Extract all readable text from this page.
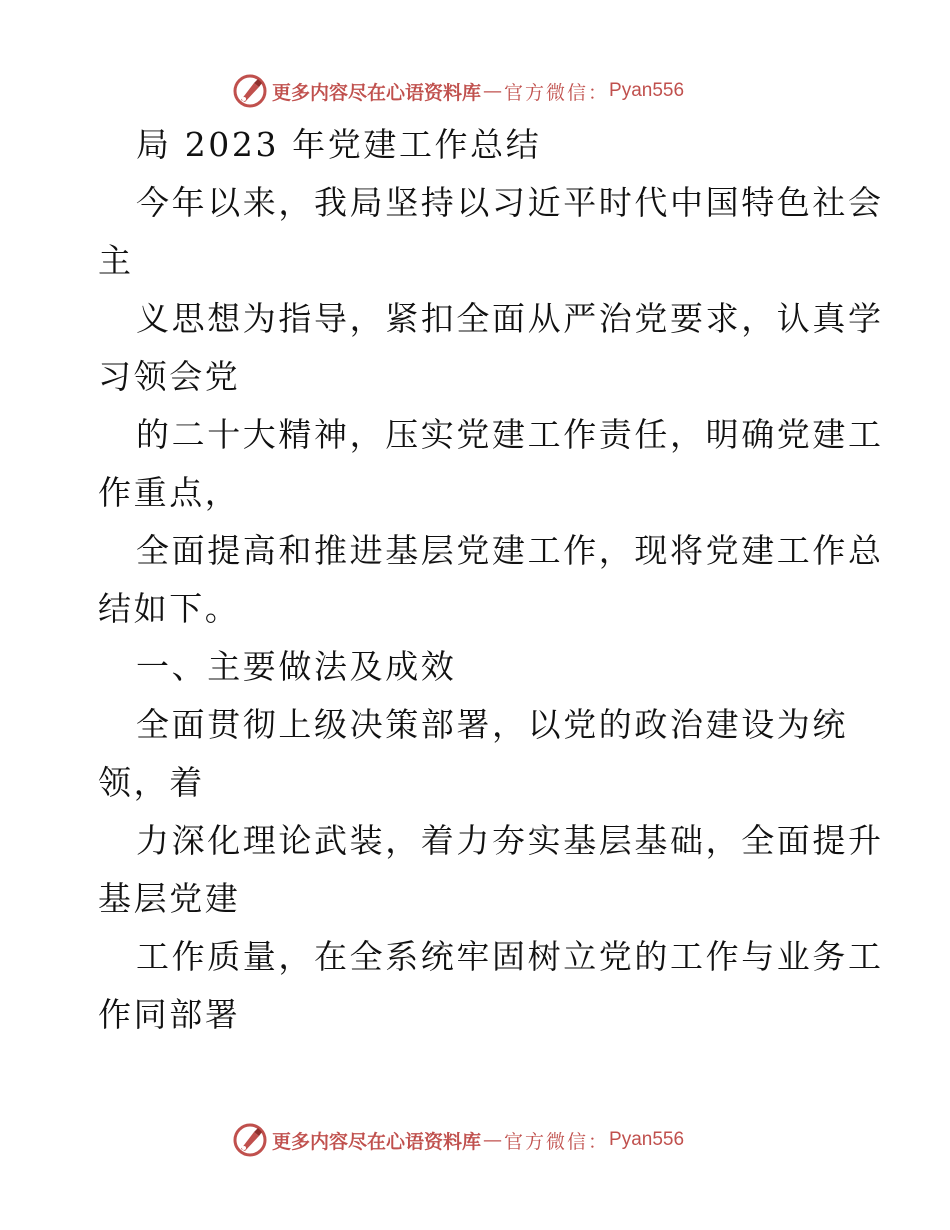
更多内容尽在心语资料库 — 官方微信： Pyan556
局 2023 年党建工作总结
今年以来，我局坚持以习近平时代中国特色社会
主
义思想为指导，紧扣全面从严治党要求，认真学
习领会党
的二十大精神，压实党建工作责任，明确党建工
作重点，
全面提高和推进基层党建工作，现将党建工作总
结如下。
一、主要做法及成效
全面贯彻上级决策部署，以党的政治建设为统
领，着
力深化理论武装，着力夯实基层基础，全面提升
基层党建
工作质量，在全系统牢固树立党的工作与业务工
作同部署
更多内容尽在心语资料库 — 官方微信： Pyan556
